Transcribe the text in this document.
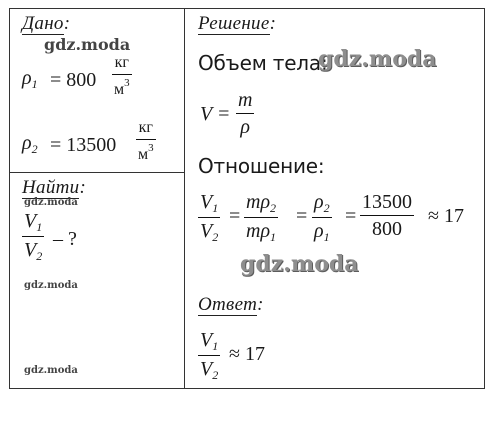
Дано:
gdz.moda
$\rho_1 = 800$
кг
$м^3$
$\rho_2 = 13500$
кг
$м^3$
Найти:
gdz.moda
$V_1$
$V_2$
– ?
gdz.moda
gdz.moda
Решение:
Объем тела:
gdz.moda
V =
m
ρ
Отношение:
$V_1$
$V_2$
=
$m\rho_2$
$m\rho_1$
=
$\rho_2$
$\rho_1$
=
13500
800
≈ 17
gdz.moda
Ответ:
$V_1$
$V_2$
≈ 17
